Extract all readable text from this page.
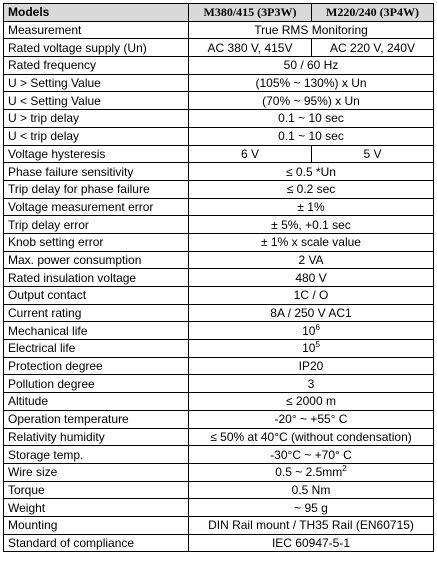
Models	M380/415 (3P3W)	M220/240 (3P4W)
Measurement	True RMS Monitoring	
Rated voltage supply (Un)	AC 380 V, 415V	AC 220 V, 240V
Rated frequency	50 / 60 Hz	
U > Setting Value	(105% ~ 130%) x Un	
U < Setting Value	(70% ~ 95%) x Un	
U > trip delay	0.1 ~ 10 sec	
U < trip delay	0.1 ~ 10 sec	
Voltage hysteresis	6 V	5 V
Phase failure sensitivity	≤ 0.5 *Un	
Trip delay for phase failure	≤ 0.2 sec	
Voltage measurement error	± 1%	
Trip delay error	± 5%, +0.1 sec	
Knob setting error	± 1% x scale value	
Max. power consumption	2 VA	
Rated insulation voltage	480 V	
Output contact	1C / O	
Current rating	8A / 250 V AC1	
Mechanical life	$10^6$
Electrical life	$10^5$
Protection degree	IP20	
Pollution degree	3	
Altitude	≤ 2000 m	
Operation temperature	-20° ~ +55° C	
Relativity humidity	≤ 50% at 40°C (without condensation)	
Storage temp.	-30°C ~ +70° C	
Wire size	0.5 ~ $2.5mm^2$
Torque	0.5 Nm	
Weight	~ 95 g	
Mounting	DIN Rail mount / TH35 Rail (EN60715)	
Standard of compliance	IEC 60947-5-1	
